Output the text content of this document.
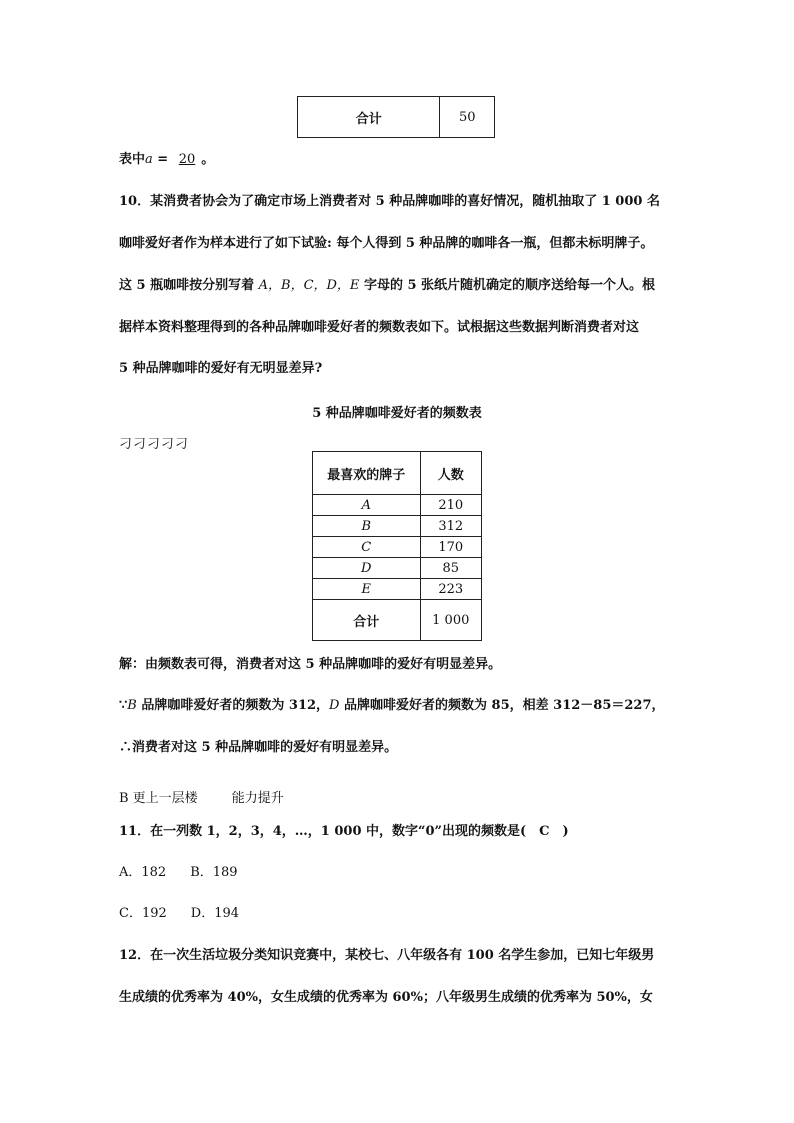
合计	50
表中a = 20 。
10．某消费者协会为了确定市场上消费者对 5 种品牌咖啡的喜好情况，随机抽取了 1 000 名
咖啡爱好者作为样本进行了如下试验: 每个人得到 5 种品牌的咖啡各一瓶，但都未标明牌子。
这 5 瓶咖啡按分别写着 A，B，C，D，E 字母的 5 张纸片随机确定的顺序送给每一个人。根
据样本资料整理得到的各种品牌咖啡爱好者的频数表如下。试根据这些数据判断消费者对这
5 种品牌咖啡的爱好有无明显差异?
5 种品牌咖啡爱好者的频数表
刁刁刁刁刁
最喜欢的牌子	人数
A	210
B	312
C	170
D	85
E	223
合计	1 000
解：由频数表可得，消费者对这 5 种品牌咖啡的爱好有明显差异。
∵B 品牌咖啡爱好者的频数为 312，D 品牌咖啡爱好者的频数为 85，相差 312－85＝227，
∴消费者对这 5 种品牌咖啡的爱好有明显差异。
B 更上一层楼	能力提升
11．在一列数 1，2，3，4，…，1 000 中，数字“0”出现的频数是(　C　)
A．182 B．189
C．192 D．194
12．在一次生活垃圾分类知识竞赛中，某校七、八年级各有 100 名学生参加，已知七年级男
生成绩的优秀率为 40%，女生成绩的优秀率为 60%；八年级男生成绩的优秀率为 50%，女
